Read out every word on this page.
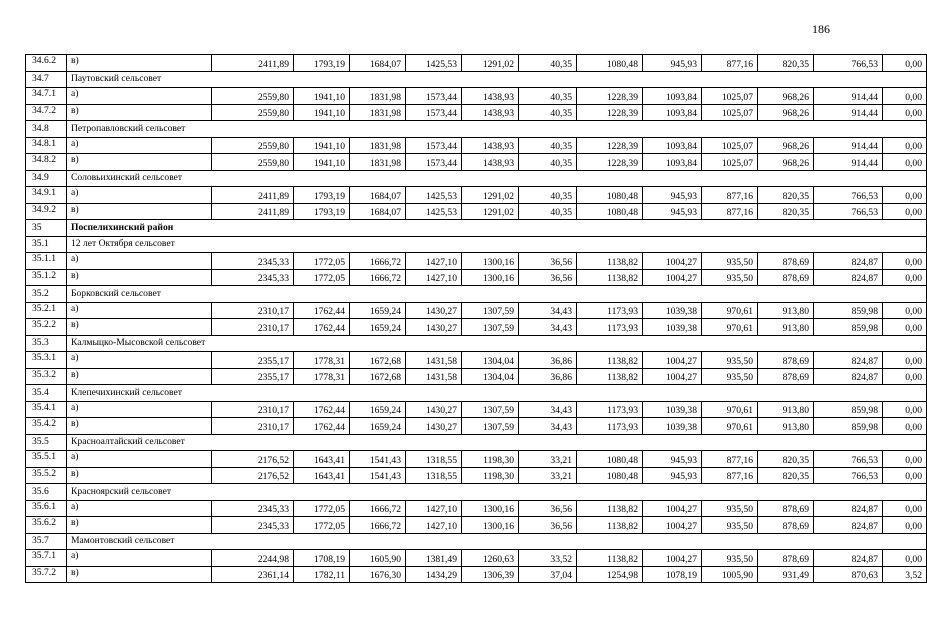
186
34.6.2	в)	2411,89	1793,19	1684,07	1425,53	1291,02	40,35	1080,48	945,93	877,16	820,35	766,53	0,00
34.7	Паутовский сельсовет												
34.7.1	а)	2559,80	1941,10	1831,98	1573,44	1438,93	40,35	1228,39	1093,84	1025,07	968,26	914,44	0,00
34.7.2	в)	2559,80	1941,10	1831,98	1573,44	1438,93	40,35	1228,39	1093,84	1025,07	968,26	914,44	0,00
34.8	Петропавловский сельсовет												
34.8.1	а)	2559,80	1941,10	1831,98	1573,44	1438,93	40,35	1228,39	1093,84	1025,07	968,26	914,44	0,00
34.8.2	в)	2559,80	1941,10	1831,98	1573,44	1438,93	40,35	1228,39	1093,84	1025,07	968,26	914,44	0,00
34.9	Соловьихинский сельсовет												
34.9.1	а)	2411,89	1793,19	1684,07	1425,53	1291,02	40,35	1080,48	945,93	877,16	820,35	766,53	0,00
34.9.2	в)	2411,89	1793,19	1684,07	1425,53	1291,02	40,35	1080,48	945,93	877,16	820,35	766,53	0,00
35	Поспелихинский район												
35.1	12 лет Октября сельсовет												
35.1.1	а)	2345,33	1772,05	1666,72	1427,10	1300,16	36,56	1138,82	1004,27	935,50	878,69	824,87	0,00
35.1.2	в)	2345,33	1772,05	1666,72	1427,10	1300,16	36,56	1138,82	1004,27	935,50	878,69	824,87	0,00
35.2	Борковский сельсовет												
35.2.1	а)	2310,17	1762,44	1659,24	1430,27	1307,59	34,43	1173,93	1039,38	970,61	913,80	859,98	0,00
35.2.2	в)	2310,17	1762,44	1659,24	1430,27	1307,59	34,43	1173,93	1039,38	970,61	913,80	859,98	0,00
35.3	Калмыцко-Мысовской сельсовет												
35.3.1	а)	2355,17	1778,31	1672,68	1431,58	1304,04	36,86	1138,82	1004,27	935,50	878,69	824,87	0,00
35.3.2	в)	2355,17	1778,31	1672,68	1431,58	1304,04	36,86	1138,82	1004,27	935,50	878,69	824,87	0,00
35.4	Клепечихинский сельсовет												
35.4.1	а)	2310,17	1762,44	1659,24	1430,27	1307,59	34,43	1173,93	1039,38	970,61	913,80	859,98	0,00
35.4.2	в)	2310,17	1762,44	1659,24	1430,27	1307,59	34,43	1173,93	1039,38	970,61	913,80	859,98	0,00
35.5	Красноалтайский сельсовет												
35.5.1	а)	2176,52	1643,41	1541,43	1318,55	1198,30	33,21	1080,48	945,93	877,16	820,35	766,53	0,00
35.5.2	в)	2176,52	1643,41	1541,43	1318,55	1198,30	33,21	1080,48	945,93	877,16	820,35	766,53	0,00
35.6	Красноярский сельсовет												
35.6.1	а)	2345,33	1772,05	1666,72	1427,10	1300,16	36,56	1138,82	1004,27	935,50	878,69	824,87	0,00
35.6.2	в)	2345,33	1772,05	1666,72	1427,10	1300,16	36,56	1138,82	1004,27	935,50	878,69	824,87	0,00
35.7	Мамонтовский сельсовет												
35.7.1	а)	2244,98	1708,19	1605,90	1381,49	1260,63	33,52	1138,82	1004,27	935,50	878,69	824,87	0,00
35.7.2	в)	2361,14	1782,11	1676,30	1434,29	1306,39	37,04	1254,98	1078,19	1005,90	931,49	870,63	3,52
